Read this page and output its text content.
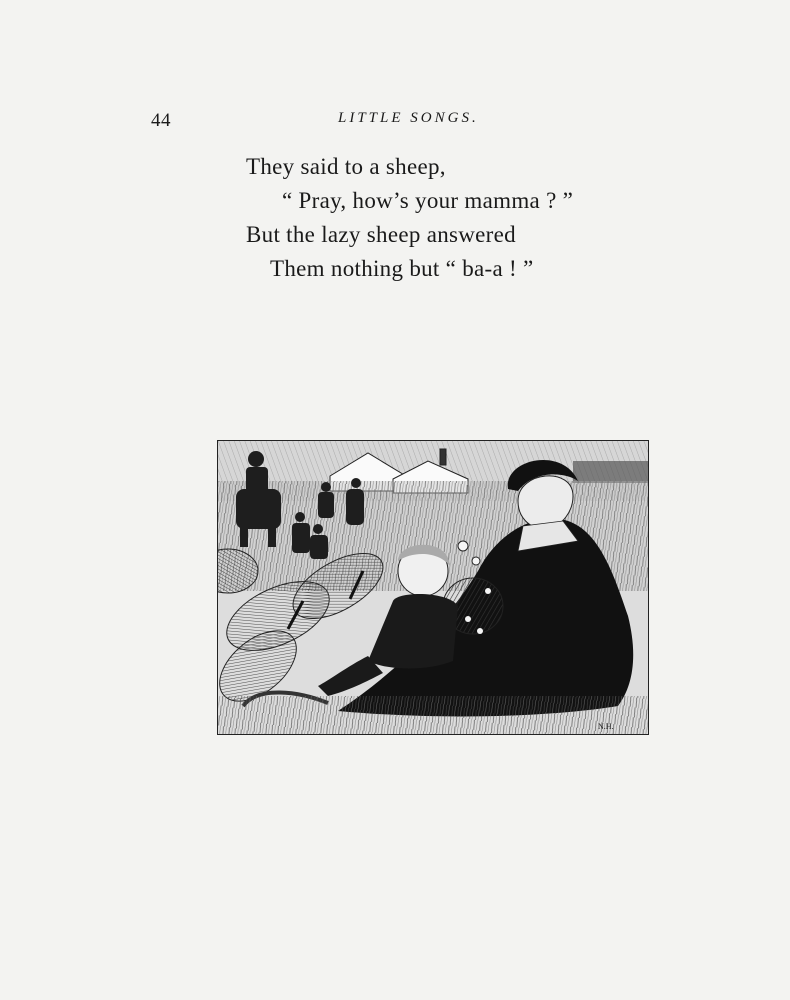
44	LITTLE SONGS.
They said to a sheep,
“ Pray, how’s your mamma ? ”
But the lazy sheep answered
Them nothing but “ ba-a ! ”
N.H.
